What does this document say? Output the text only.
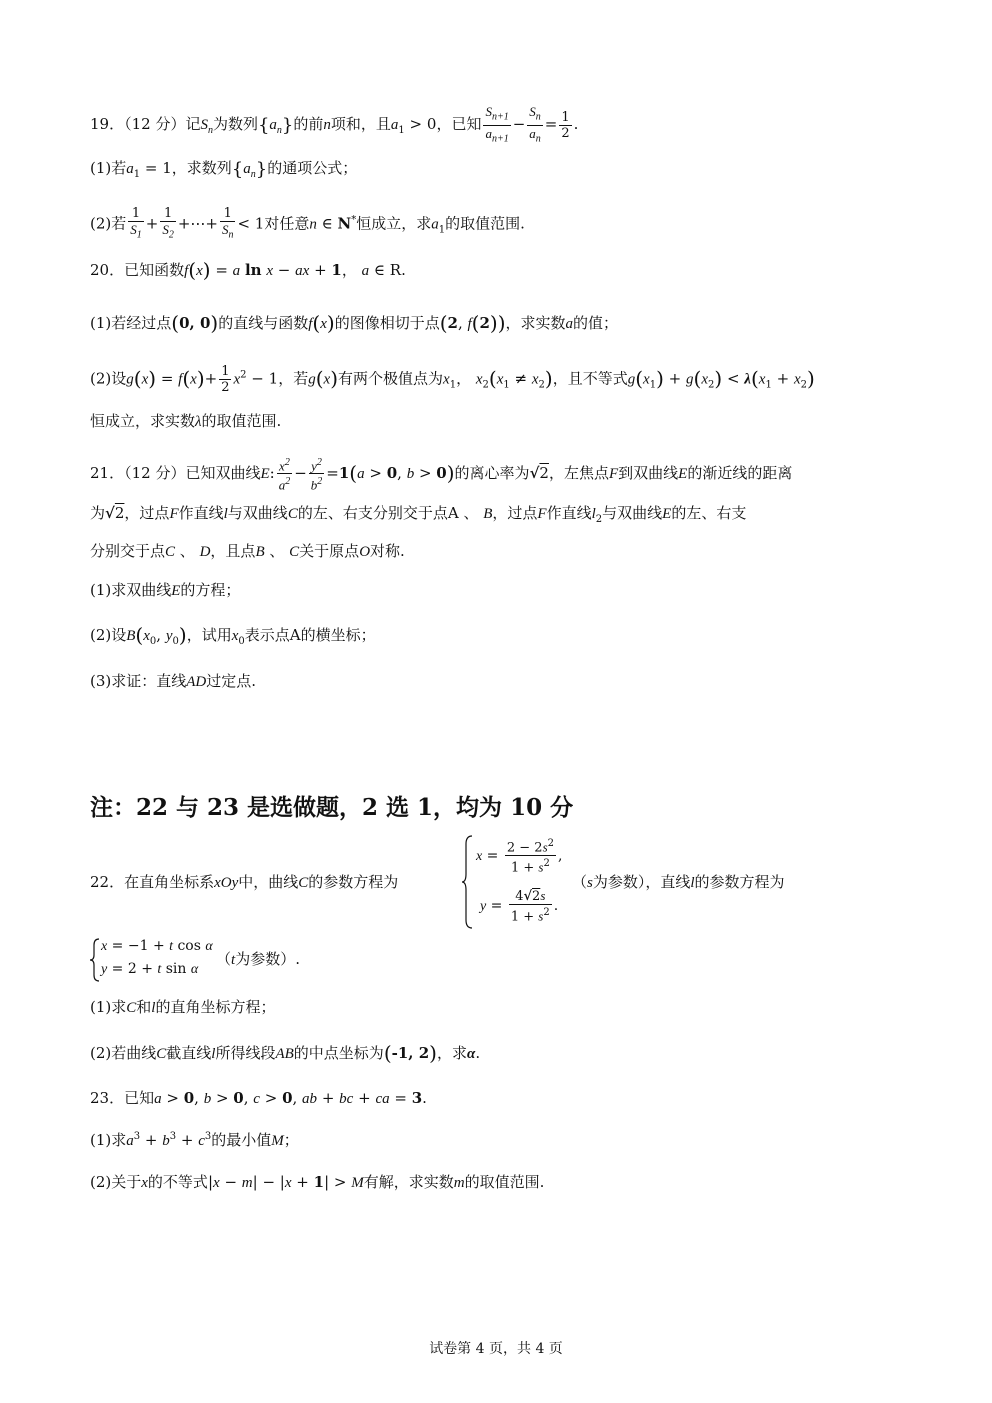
19．（12 分）记$S_n$为数列$\{a_n\}$的前n项和，且$a_1 > 0$，已知 $\frac{S_{n+1}}{a_{n+1}} - \frac{S_n}{a_n} = \frac{1}{2}$ .
(1)若$a_1 = 1$，求数列$\{a_n\}$的通项公式；
(2)若 $\frac{1}{S_1} + \frac{1}{S_2}$ +⋯+ $\frac{1}{S_n} < 1$对任意n ∈ N*恒成立，求$a_1$的取值范围.
20．已知函数f(x) = a ln x − ax + 1， a ∈ R.
(1)若经过点(0, 0)的直线与函数f(x)的图像相切于点(2, f(2))，求实数a的值；
(2)设$g(x) = f(x)+ \frac{1}{2} x^2 - 1$，若g(x)有两个极值点为$x_1$， $x_2(x_1 \ne x_2)$，且不等式$g(x_1) + g(x_2) < \lambda(x_1 + x_2)$
恒成立，求实数λ的取值范围.
21．（12 分）已知双曲线E: $\frac{x^2}{a^2} - \frac{y^2}{b^2} =1(a > 0$, b > 0)的离心率为√2，左焦点F到双曲线E的渐近线的距离
为√2，过点F作直线l与双曲线C的左、右支分别交于点A 、 B，过点F作直线$l_2$与双曲线E的左、右支
分别交于点C 、 D，且点B 、 C关于原点O对称.
(1)求双曲线E的方程；
(2)设$B(x_0$, $y_0$)，试用$x_0$表示点A的横坐标；
(3)求证：直线AD过定点.
注：22 与 23 是选做题，2 选 1，均为 10 分
$x = \frac{2 - 2s^2}{1 + s^2}$ ,
$y = \frac{4√2s}{1 + s^2}$ .
22．在直角坐标系xOy中，曲线C的参数方程为	（s为参数），直线l的参数方程为
x = −1 + t cos α
y = 2 + t sin α
（t为参数）.
(1)求C和l的直角坐标方程；
(2)若曲线C截直线l所得线段AB的中点坐标为(-1, 2)，求α.
23．已知a > 0, b > 0, c > 0, ab + bc + ca = 3.
(1)求$a^3 + b^3 + c^3$的最小值M；
(2)关于x的不等式|x − m| − |x + 1| > M有解，求实数m的取值范围.
试卷第 4 页，共 4 页
